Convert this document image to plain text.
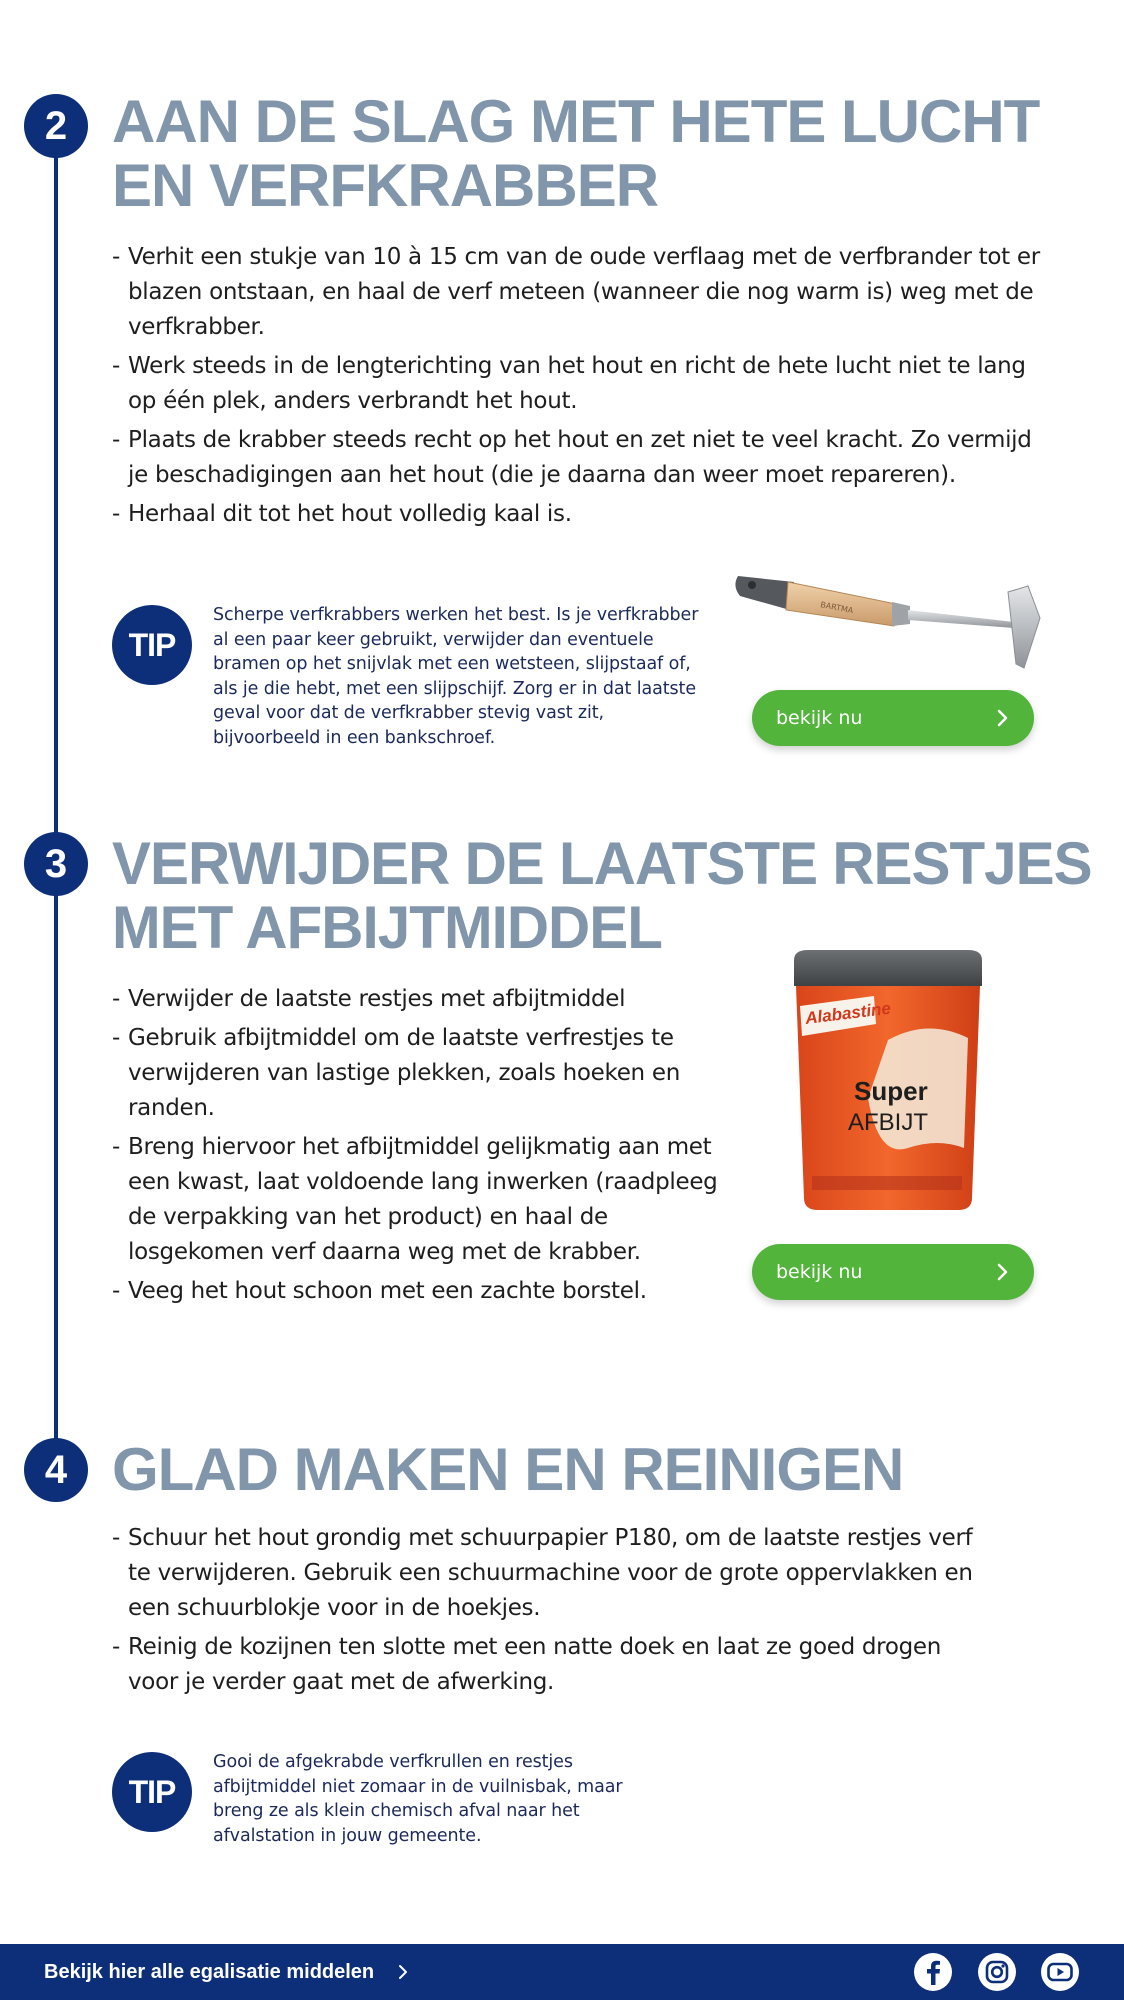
2 AAN DE SLAG MET HETE LUCHT
EN VERFKRABBER
- Verhit een stukje van 10 à 15 cm van de oude verflaag met de verfbrander tot er blazen ontstaan, en haal de verf meteen (wanneer die nog warm is) weg met de verfkrabber.
- Werk steeds in de lengterichting van het hout en richt de hete lucht niet te lang op één plek, anders verbrandt het hout.
- Plaats de krabber steeds recht op het hout en zet niet te veel kracht. Zo vermijd je beschadigingen aan het hout (die je daarna dan weer moet repareren).
- Herhaal dit tot het hout volledig kaal is.
TIP

Scherpe verfkrabbers werken het best. Is je verfkrabber al een paar keer gebruikt, verwijder dan eventuele bramen op het snijvlak met een wetsteen, slijpstaaf of, als je die hebt, met een slijpschijf. Zorg er in dat laatste geval voor dat de verfkrabber stevig vast zit, bijvoorbeeld in een bankschroef.

BARTMA
bekijk nu
3 VERWIJDER DE LAATSTE RESTJES
MET AFBIJTMIDDEL
- Verwijder de laatste restjes met afbijtmiddel
- Gebruik afbijtmiddel om de laatste verfrestjes te verwijderen van lastige plekken, zoals hoeken en randen.
- Breng hiervoor het afbijtmiddel gelijkmatig aan met een kwast, laat voldoende lang inwerken (raadpleeg de verpakking van het product) en haal de losgekomen verf daarna weg met de krabber.
- Veeg het hout schoon met een zachte borstel.
Alabastine
Super
AFBIJT
bekijk nu
4 GLAD MAKEN EN REINIGEN
- Schuur het hout grondig met schuurpapier P180, om de laatste restjes verf te verwijderen. Gebruik een schuurmachine voor de grote oppervlakken en een schuurblokje voor in de hoekjes.
- Reinig de kozijnen ten slotte met een natte doek en laat ze goed drogen voor je verder gaat met de afwerking.
TIP

Gooi de afgekrabde verfkrullen en restjes afbijtmiddel niet zomaar in de vuilnisbak, maar breng ze als klein chemisch afval naar het afvalstation in jouw gemeente.

Bekijk hier alle egalisatie middelen
